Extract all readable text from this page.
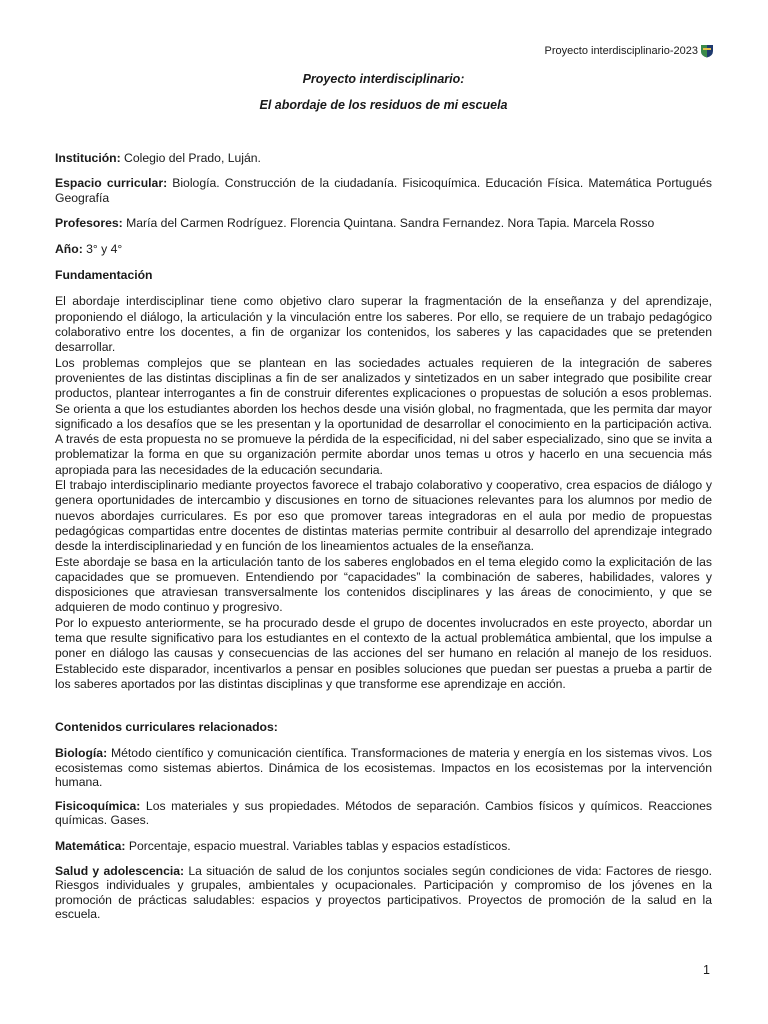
Proyecto interdisciplinario-2023

Proyecto interdisciplinario:

El abordaje de los residuos de mi escuela

Institución: Colegio del Prado, Luján.

Espacio curricular: Biología. Construcción de la ciudadanía. Fisicoquímica. Educación Física. Matemática Portugués Geografía

Profesores: María del Carmen Rodríguez. Florencia Quintana. Sandra Fernandez. Nora Tapia. Marcela Rosso

Año: 3° y 4°

Fundamentación

El abordaje interdisciplinar tiene como objetivo claro superar la fragmentación de la enseñanza y del aprendizaje, proponiendo el diálogo, la articulación y la vinculación entre los saberes. Por ello, se requiere de un trabajo pedagógico colaborativo entre los docentes, a fin de organizar los contenidos, los saberes y las capacidades que se pretenden desarrollar.

Los problemas complejos que se plantean en las sociedades actuales requieren de la integración de saberes provenientes de las distintas disciplinas a fin de ser analizados y sintetizados en un saber integrado que posibilite crear productos, plantear interrogantes a fin de construir diferentes explicaciones o propuestas de solución a esos problemas. Se orienta a que los estudiantes aborden los hechos desde una visión global, no fragmentada, que les permita dar mayor significado a los desafíos que se les presentan y la oportunidad de desarrollar el conocimiento en la participación activa. A través de esta propuesta no se promueve la pérdida de la especificidad, ni del saber especializado, sino que se invita a problematizar la forma en que su organización permite abordar unos temas u otros y hacerlo en una secuencia más apropiada para las necesidades de la educación secundaria.

El trabajo interdisciplinario mediante proyectos favorece el trabajo colaborativo y cooperativo, crea espacios de diálogo y genera oportunidades de intercambio y discusiones en torno de situaciones relevantes para los alumnos por medio de nuevos abordajes curriculares. Es por eso que promover tareas integradoras en el aula por medio de propuestas pedagógicas compartidas entre docentes de distintas materias permite contribuir al desarrollo del aprendizaje integrado desde la interdisciplinariedad y en función de los lineamientos actuales de la enseñanza.

Este abordaje se basa en la articulación tanto de los saberes englobados en el tema elegido como la explicitación de las capacidades que se promueven. Entendiendo por “capacidades” la combinación de saberes, habilidades, valores y disposiciones que atraviesan transversalmente los contenidos disciplinares y las áreas de conocimiento, y que se adquieren de modo continuo y progresivo.

Por lo expuesto anteriormente, se ha procurado desde el grupo de docentes involucrados en este proyecto, abordar un tema que resulte significativo para los estudiantes en el contexto de la actual problemática ambiental, que los impulse a poner en diálogo las causas y consecuencias de las acciones del ser humano en relación al manejo de los residuos. Establecido este disparador, incentivarlos a pensar en posibles soluciones que puedan ser puestas a prueba a partir de los saberes aportados por las distintas disciplinas y que transforme ese aprendizaje en acción.

Contenidos curriculares relacionados:

Biología: Método científico y comunicación científica. Transformaciones de materia y energía en los sistemas vivos. Los ecosistemas como sistemas abiertos. Dinámica de los ecosistemas. Impactos en los ecosistemas por la intervención humana.

Fisicoquímica: Los materiales y sus propiedades. Métodos de separación. Cambios físicos y químicos. Reacciones químicas. Gases.

Matemática: Porcentaje, espacio muestral. Variables tablas y espacios estadísticos.

Salud y adolescencia: La situación de salud de los conjuntos sociales según condiciones de vida: Factores de riesgo. Riesgos individuales y grupales, ambientales y ocupacionales. Participación y compromiso de los jóvenes en la promoción de prácticas saludables: espacios y proyectos participativos. Proyectos de promoción de la salud en la escuela.

1
